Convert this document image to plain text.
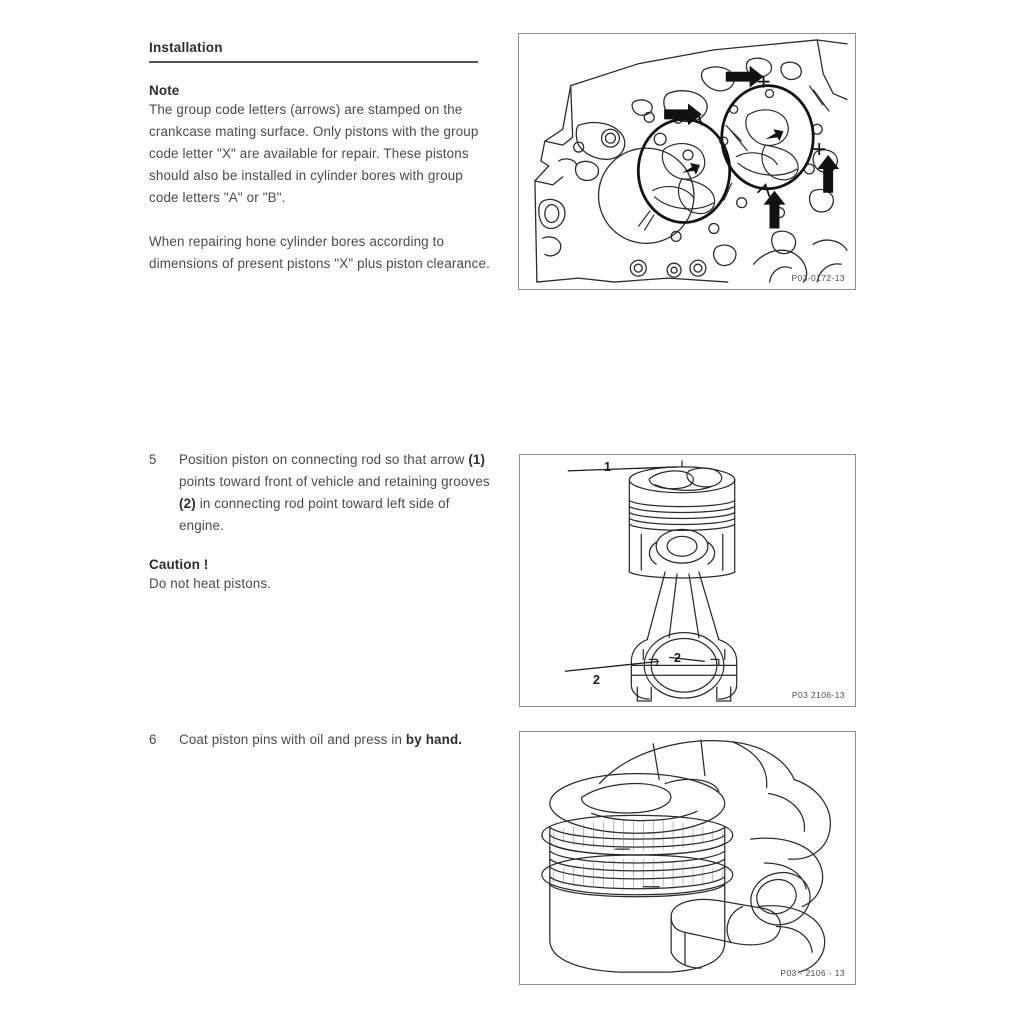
Installation
Note

The group code letters (arrows) are stamped on the crankcase mating surface. Only pistons with the group code letter "X" are available for repair. These pistons should also be installed in cylinder bores with group code letters "A" or "B".

When repairing hone cylinder bores according to dimensions of present pistons "X" plus piston clearance.

5 Position piston on connecting rod so that arrow (1) points toward front of vehicle and retaining grooves (2) in connecting rod point toward left side of engine.
Caution !

Do not heat pistons.

6 Coat piston pins with oil and press in by hand.
P03-0172-13
1
2
2
P03 2106-13
P03 - 2106 - 13
